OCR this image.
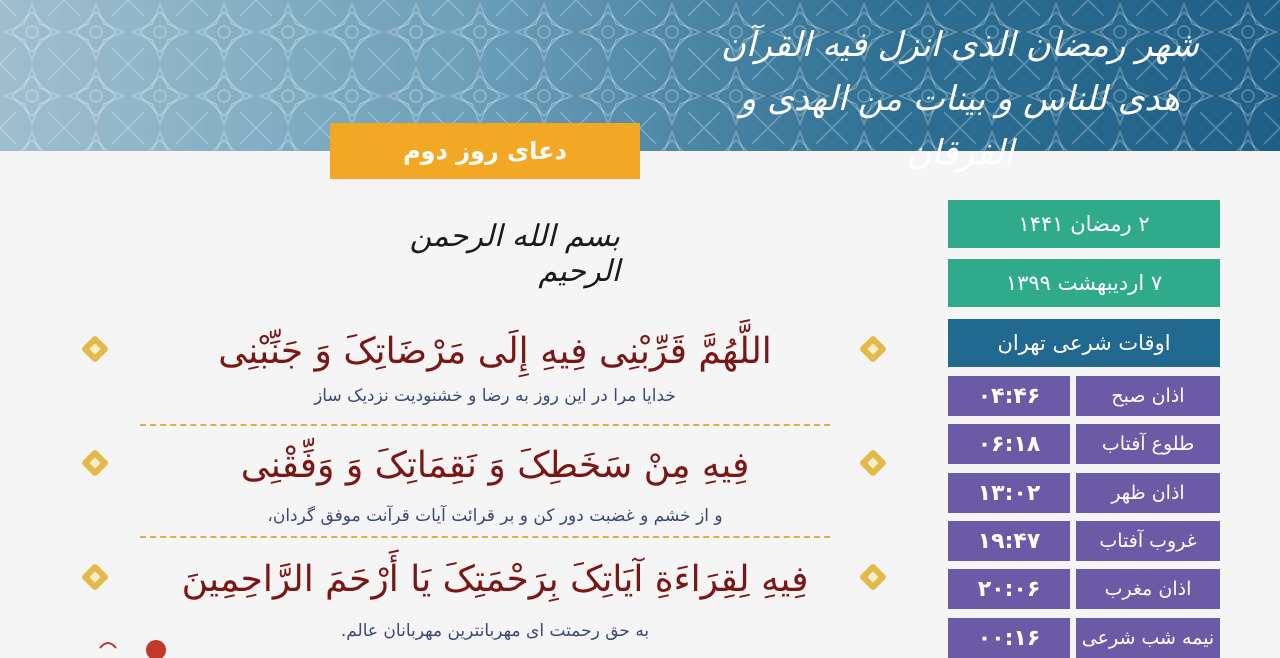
شهر رمضان الذی انزل فیه القرآن هدی للناس و بینات من الهدی و الفرقان
دعای روز دوم
بسم الله الرحمن الرحیم
اللَّهُمَّ قَرِّبْنِی فِیهِ إِلَی مَرْضَاتِکَ وَ جَنِّبْنِی
خدایا مرا در این روز به رضا و خشنودیت نزدیک ساز
فِیهِ مِنْ سَخَطِکَ وَ نَقِمَاتِکَ وَ وَفِّقْنِی
و از خشم و غضبت دور کن و بر قرائت آیات قرآنت موفق گردان،
فِیهِ لِقِرَاءَةِ آیَاتِکَ بِرَحْمَتِکَ یَا أَرْحَمَ الرَّاحِمِینَ
به حق رحمتت ای مهربانترین مهربانان عالم.
۲ رمضان ۱۴۴۱
۷ اردیبهشت ۱۳۹۹
اوقات شرعی تهران
اذان صبح
۰۴:۴۶
طلوع آفتاب
۰۶:۱۸
اذان ظهر
۱۳:۰۲
غروب آفتاب
۱۹:۴۷
اذان مغرب
۲۰:۰۶
نیمه شب شرعی
۰۰:۱۶
